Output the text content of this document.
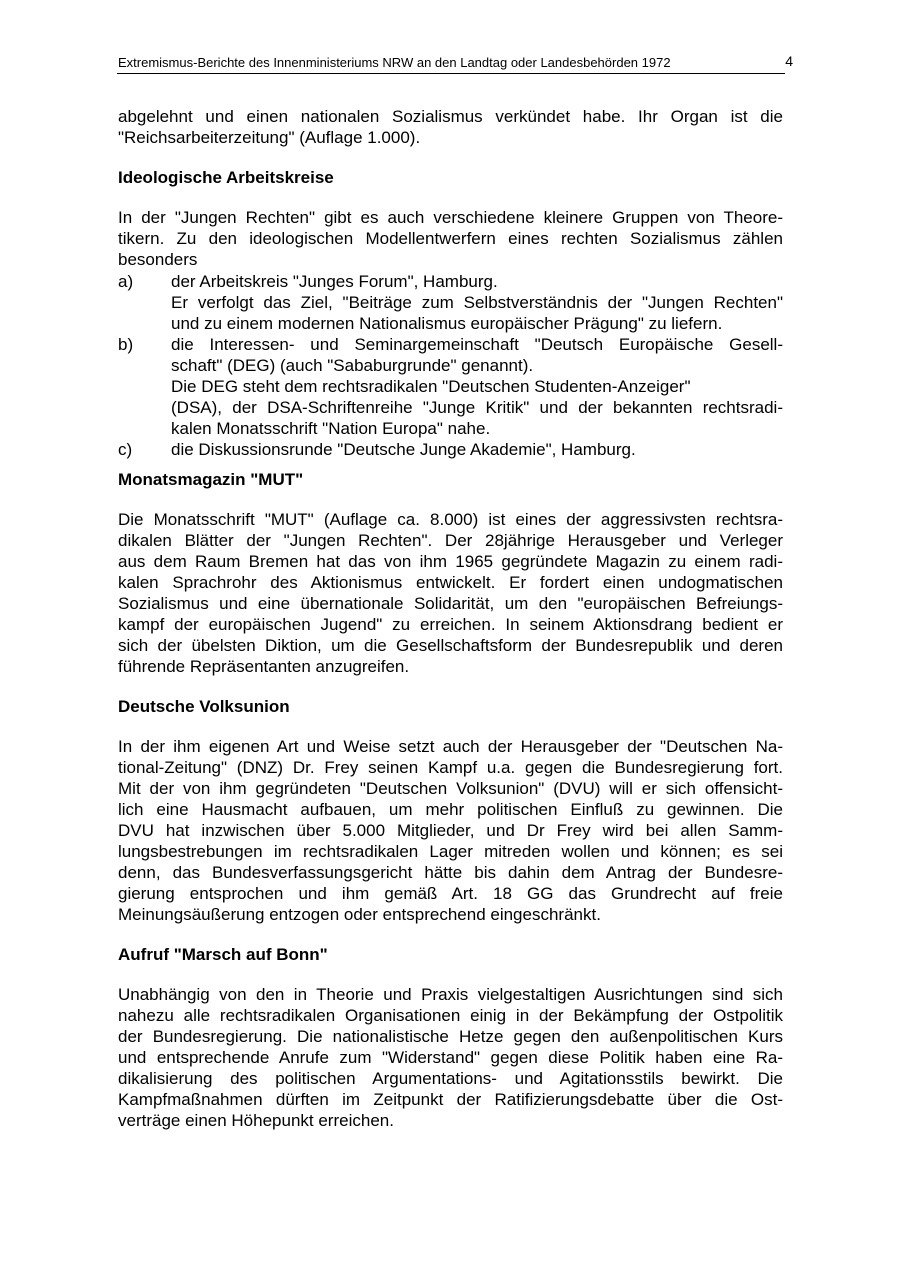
Extremismus-Berichte des Innenministeriums NRW an den Landtag oder Landesbehörden 1972	4

abgelehnt und einen nationalen Sozialismus verkündet habe. Ihr Organ ist die

"Reichsarbeiterzeitung" (Auflage 1.000).

Ideologische Arbeitskreise

In der "Jungen Rechten" gibt es auch verschiedene kleinere Gruppen von Theore-

tikern. Zu den ideologischen Modellentwerfern eines rechten Sozialismus zählen

besonders

a) der Arbeitskreis "Junges Forum", Hamburg.

Er verfolgt das Ziel, "Beiträge zum Selbstverständnis der "Jungen Rechten"

und zu einem modernen Nationalismus europäischer Prägung" zu liefern.

b) die Interessen- und Seminargemeinschaft "Deutsch Europäische Gesell-

schaft" (DEG) (auch "Sababurgrunde" genannt).

Die DEG steht dem rechtsradikalen "Deutschen Studenten-Anzeiger"

(DSA), der DSA-Schriftenreihe "Junge Kritik" und der bekannten rechtsradi-

kalen Monatsschrift "Nation Europa" nahe.

c) die Diskussionsrunde "Deutsche Junge Akademie", Hamburg.

Monatsmagazin "MUT"

Die Monatsschrift "MUT" (Auflage ca. 8.000) ist eines der aggressivsten rechtsra-

dikalen Blätter der "Jungen Rechten". Der 28jährige Herausgeber und Verleger

aus dem Raum Bremen hat das von ihm 1965 gegründete Magazin zu einem radi-

kalen Sprachrohr des Aktionismus entwickelt. Er fordert einen undogmatischen

Sozialismus und eine übernationale Solidarität, um den "europäischen Befreiungs-

kampf der europäischen Jugend" zu erreichen. In seinem Aktionsdrang bedient er

sich der übelsten Diktion, um die Gesellschaftsform der Bundesrepublik und deren

führende Repräsentanten anzugreifen.

Deutsche Volksunion

In der ihm eigenen Art und Weise setzt auch der Herausgeber der "Deutschen Na-

tional-Zeitung" (DNZ) Dr. Frey seinen Kampf u.a. gegen die Bundesregierung fort.

Mit der von ihm gegründeten "Deutschen Volksunion" (DVU) will er sich offensicht-

lich eine Hausmacht aufbauen, um mehr politischen Einfluß zu gewinnen. Die

DVU hat inzwischen über 5.000 Mitglieder, und Dr Frey wird bei allen Samm-

lungsbestrebungen im rechtsradikalen Lager mitreden wollen und können; es sei

denn, das Bundesverfassungsgericht hätte bis dahin dem Antrag der Bundesre-

gierung entsprochen und ihm gemäß Art. 18 GG das Grundrecht auf freie

Meinungsäußerung entzogen oder entsprechend eingeschränkt.

Aufruf "Marsch auf Bonn"

Unabhängig von den in Theorie und Praxis vielgestaltigen Ausrichtungen sind sich

nahezu alle rechtsradikalen Organisationen einig in der Bekämpfung der Ostpolitik

der Bundesregierung. Die nationalistische Hetze gegen den außenpolitischen Kurs

und entsprechende Anrufe zum "Widerstand" gegen diese Politik haben eine Ra-

dikalisierung des politischen Argumentations- und Agitationsstils bewirkt. Die

Kampfmaßnahmen dürften im Zeitpunkt der Ratifizierungsdebatte über die Ost-

verträge einen Höhepunkt erreichen.
